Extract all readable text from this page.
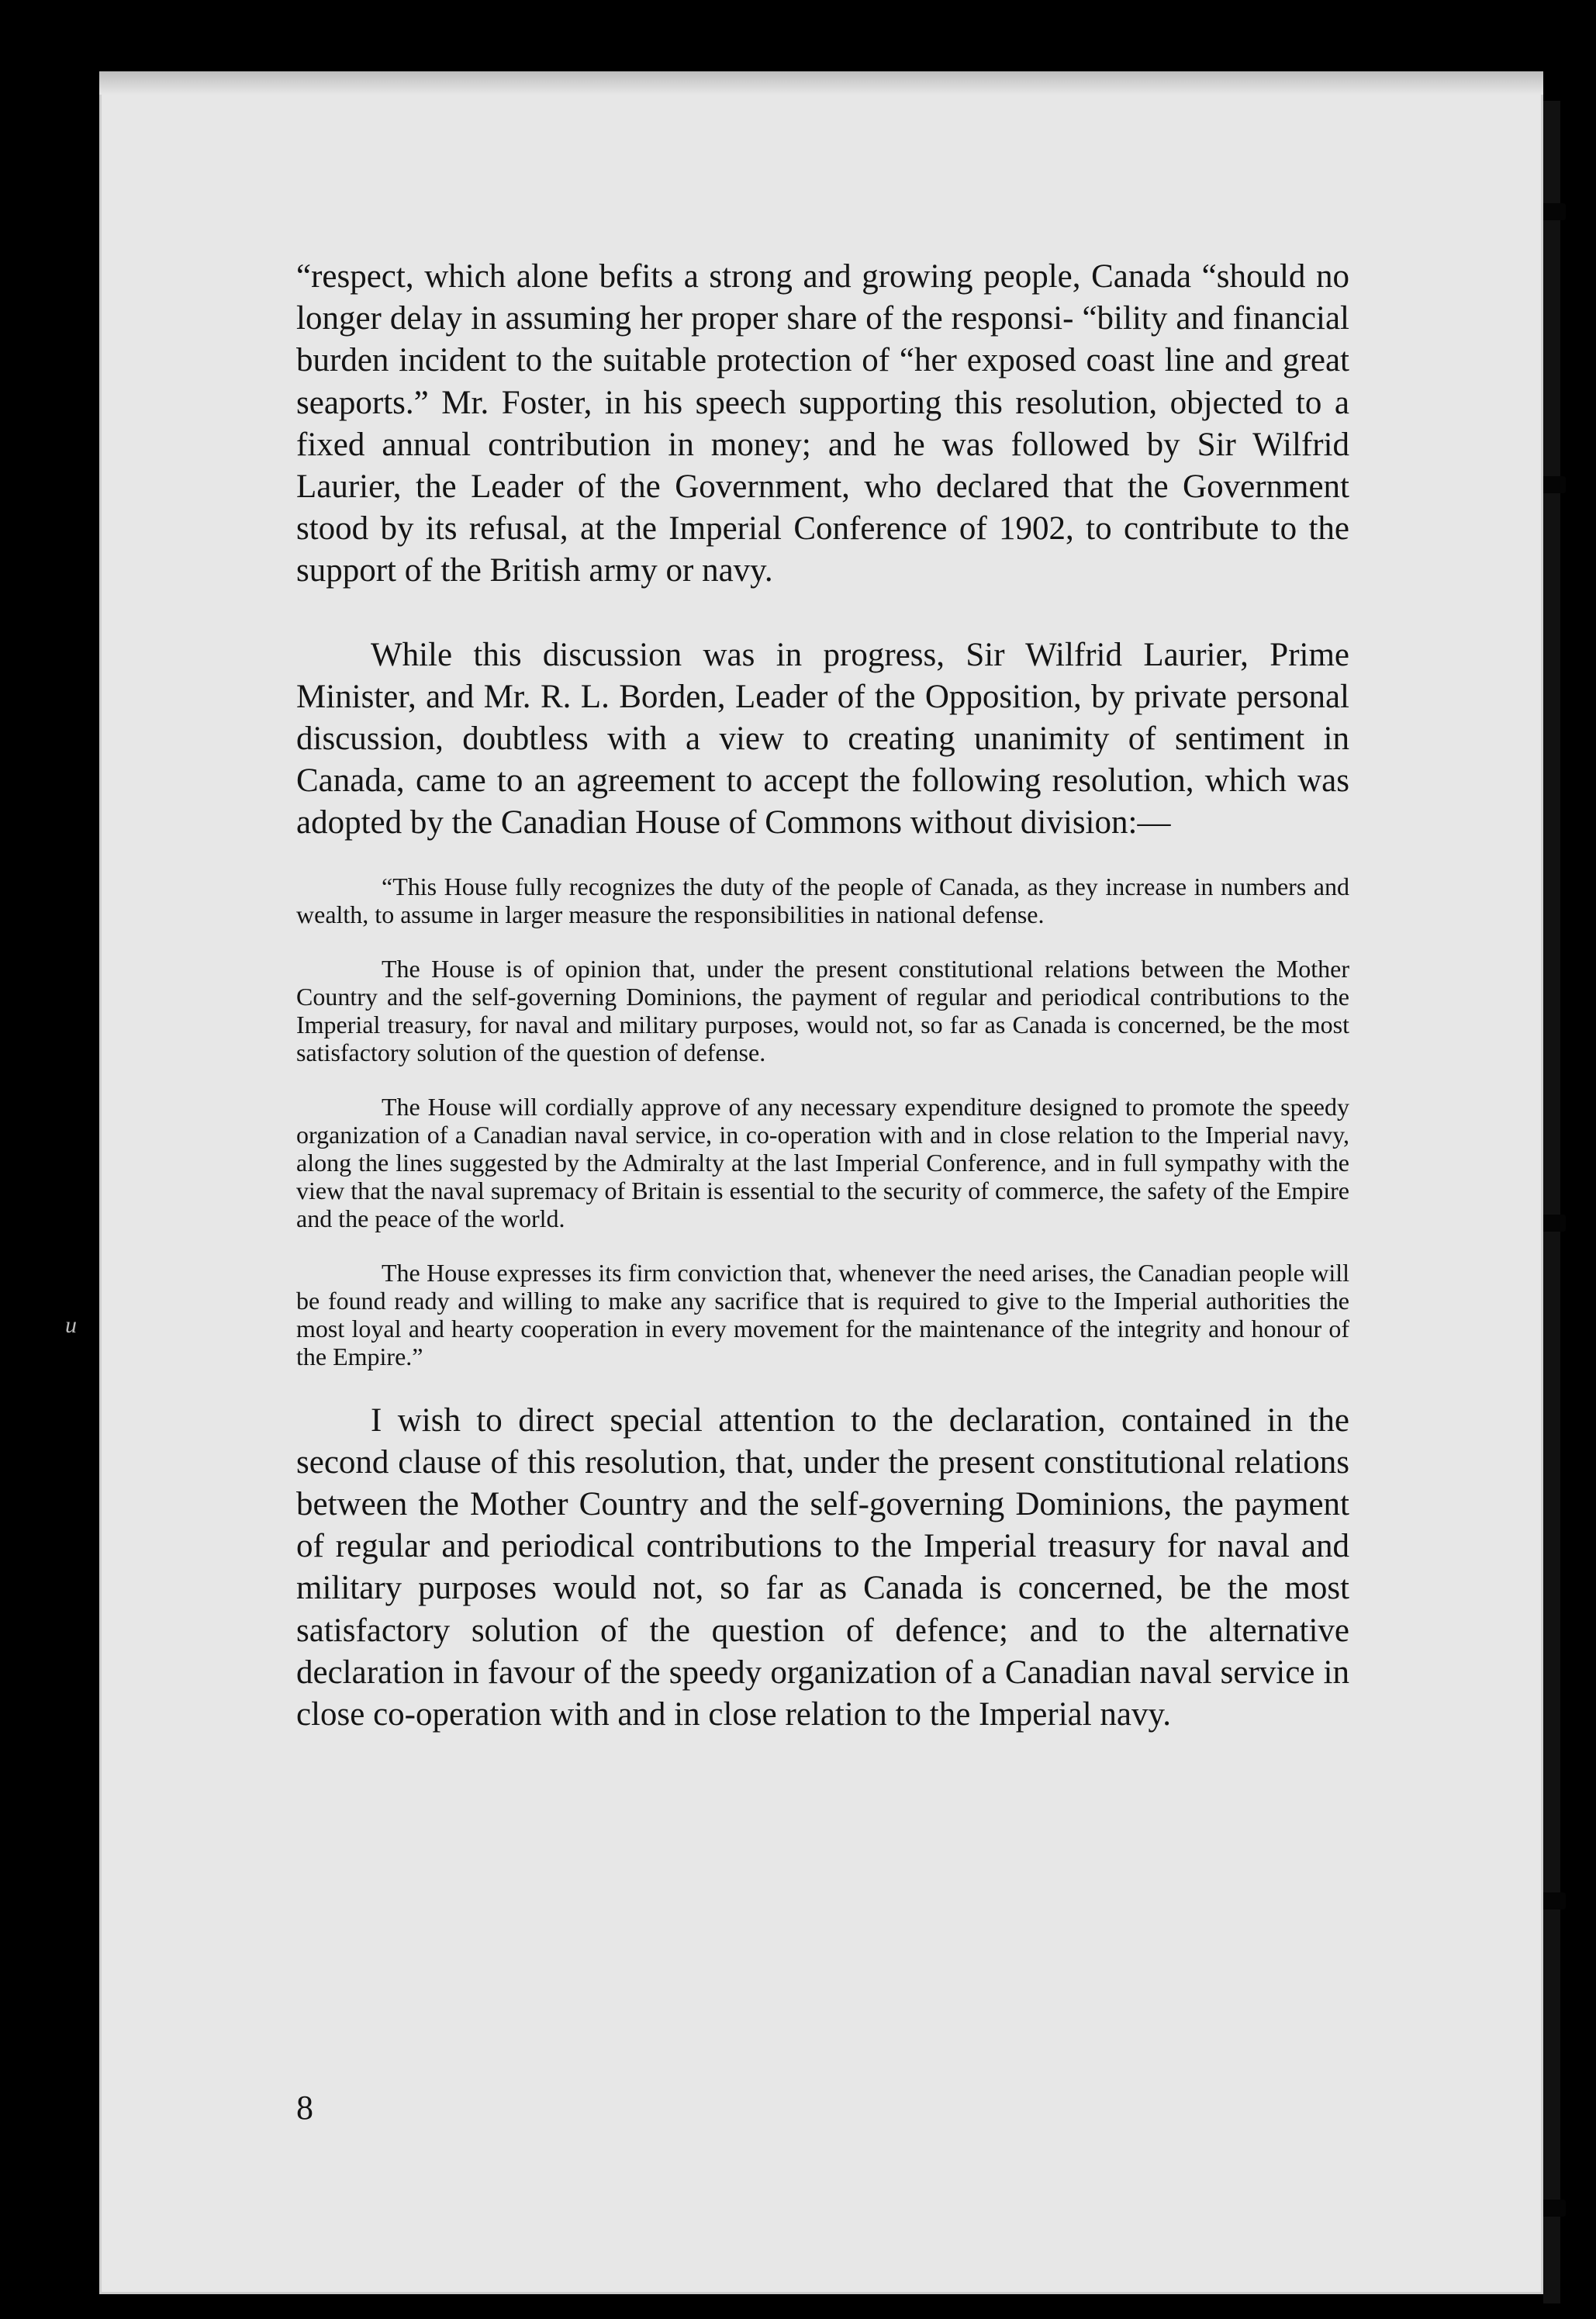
u

“respect, which alone befits a strong and growing people, Canada “should no longer delay in assuming her proper share of the responsi- “bility and financial burden incident to the suitable protection of “her exposed coast line and great seaports.” Mr. Foster, in his speech supporting this resolution, objected to a fixed annual contribution in money; and he was followed by Sir Wilfrid Laurier, the Leader of the Government, who declared that the Government stood by its refusal, at the Imperial Conference of 1902, to contribute to the support of the British army or navy.

While this discussion was in progress, Sir Wilfrid Laurier, Prime Minister, and Mr. R. L. Borden, Leader of the Opposition, by private personal discussion, doubtless with a view to creating unanimity of sentiment in Canada, came to an agreement to accept the following resolution, which was adopted by the Canadian House of Commons without division:—

“This House fully recognizes the duty of the people of Canada, as they increase in numbers and wealth, to assume in larger measure the responsibilities in national defense.

The House is of opinion that, under the present constitutional relations between the Mother Country and the self-governing Dominions, the payment of regular and periodical contributions to the Imperial treasury, for naval and military purposes, would not, so far as Canada is concerned, be the most satisfactory solution of the question of defense.

The House will cordially approve of any necessary expenditure designed to promote the speedy organization of a Canadian naval service, in co-operation with and in close relation to the Imperial navy, along the lines suggested by the Admiralty at the last Imperial Conference, and in full sympathy with the view that the naval supremacy of Britain is essential to the security of commerce, the safety of the Empire and the peace of the world.

The House expresses its firm conviction that, whenever the need arises, the Canadian people will be found ready and willing to make any sacrifice that is required to give to the Imperial authorities the most loyal and hearty cooperation in every movement for the maintenance of the integrity and honour of the Empire.”

I wish to direct special attention to the declaration, contained in the second clause of this resolution, that, under the present constitutional relations between the Mother Country and the self-governing Dominions, the payment of regular and periodical contributions to the Imperial treasury for naval and military purposes would not, so far as Canada is concerned, be the most satisfactory solution of the question of defence; and to the alternative declaration in favour of the speedy organization of a Canadian naval service in close co-operation with and in close relation to the Imperial navy.

8
